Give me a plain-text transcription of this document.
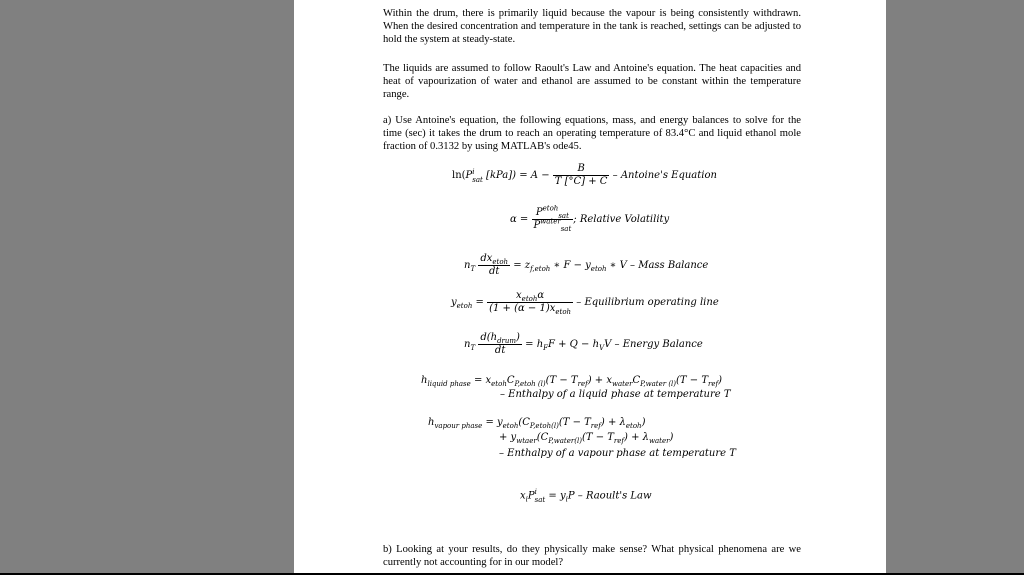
Within the drum, there is primarily liquid because the vapour is being consistently withdrawn. When the desired concentration and temperature in the tank is reached, settings can be adjusted to hold the system at steady-state.

The liquids are assumed to follow Raoult's Law and Antoine's equation. The heat capacities and heat of vapourization of water and ethanol are assumed to be constant within the temperature range.

a) Use Antoine's equation, the following equations, mass, and energy balances to solve for the time (sec) it takes the drum to reach an operating temperature of 83.4°C and liquid ethanol mole fraction of 0.3132 by using MATLAB's ode45.

ln(P i
sat $[kPa]) = A - \frac{B}{T [^\circ C] + C}$ – Antoine's Equation
$\alpha = \frac{P^{etoh}_{sat}}{P^{water}_{sat}}$ ; Relative Volatility
$n_T \frac{dx_{etoh}}{dt} = z_{f,etoh}$ ∗ $F - y_{etoh}$ ∗ V – Mass Balance
$y_{etoh} = \frac{x_{etoh}\alpha}{(1 + (\alpha - 1)x_{etoh}}$ – Equilibrium operating line
$n_T \frac{d(h_{drum})}{dt} = h_FF + Q - h_VV$ – Energy Balance
$h_{liquid phase} = x_{etoh}C_{P,etoh (l)}(T - T_{ref}) + x_{water}C_{P,water (l)}(T - T_{ref})$
– Enthalpy of a liquid phase at temperature T
$h_{vapour phase} = y_{etoh}(C_{P,etoh(l)}(T - T_{ref}) + \lambda_{etoh})$
+ $y_{wtaer}(C_{P,water(l)}(T - T_{ref}) + \lambda_{water})$
– Enthalpy of a vapour phase at temperature T
$x_iP$ i
sat = $y_iP$ – Raoult's Law

b) Looking at your results, do they physically make sense? What physical phenomena are we currently not accounting for in our model?
